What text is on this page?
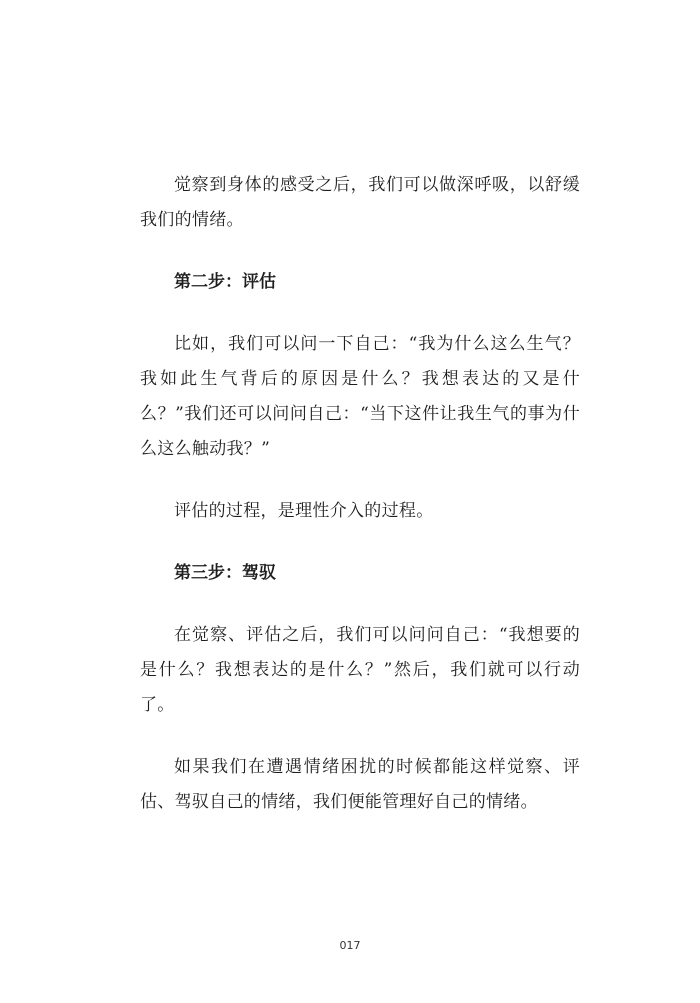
觉察到身体的感受之后，我们可以做深呼吸，以舒缓我们的情绪。

第二步：评估

比如，我们可以问一下自己：“我为什么这么生气？我如此生气背后的原因是什么？我想表达的又是什么？”我们还可以问问自己：“当下这件让我生气的事为什么这么触动我？”

评估的过程，是理性介入的过程。

第三步：驾驭

在觉察、评估之后，我们可以问问自己：“我想要的是什么？我想表达的是什么？”然后，我们就可以行动了。

如果我们在遭遇情绪困扰的时候都能这样觉察、评估、驾驭自己的情绪，我们便能管理好自己的情绪。

017
